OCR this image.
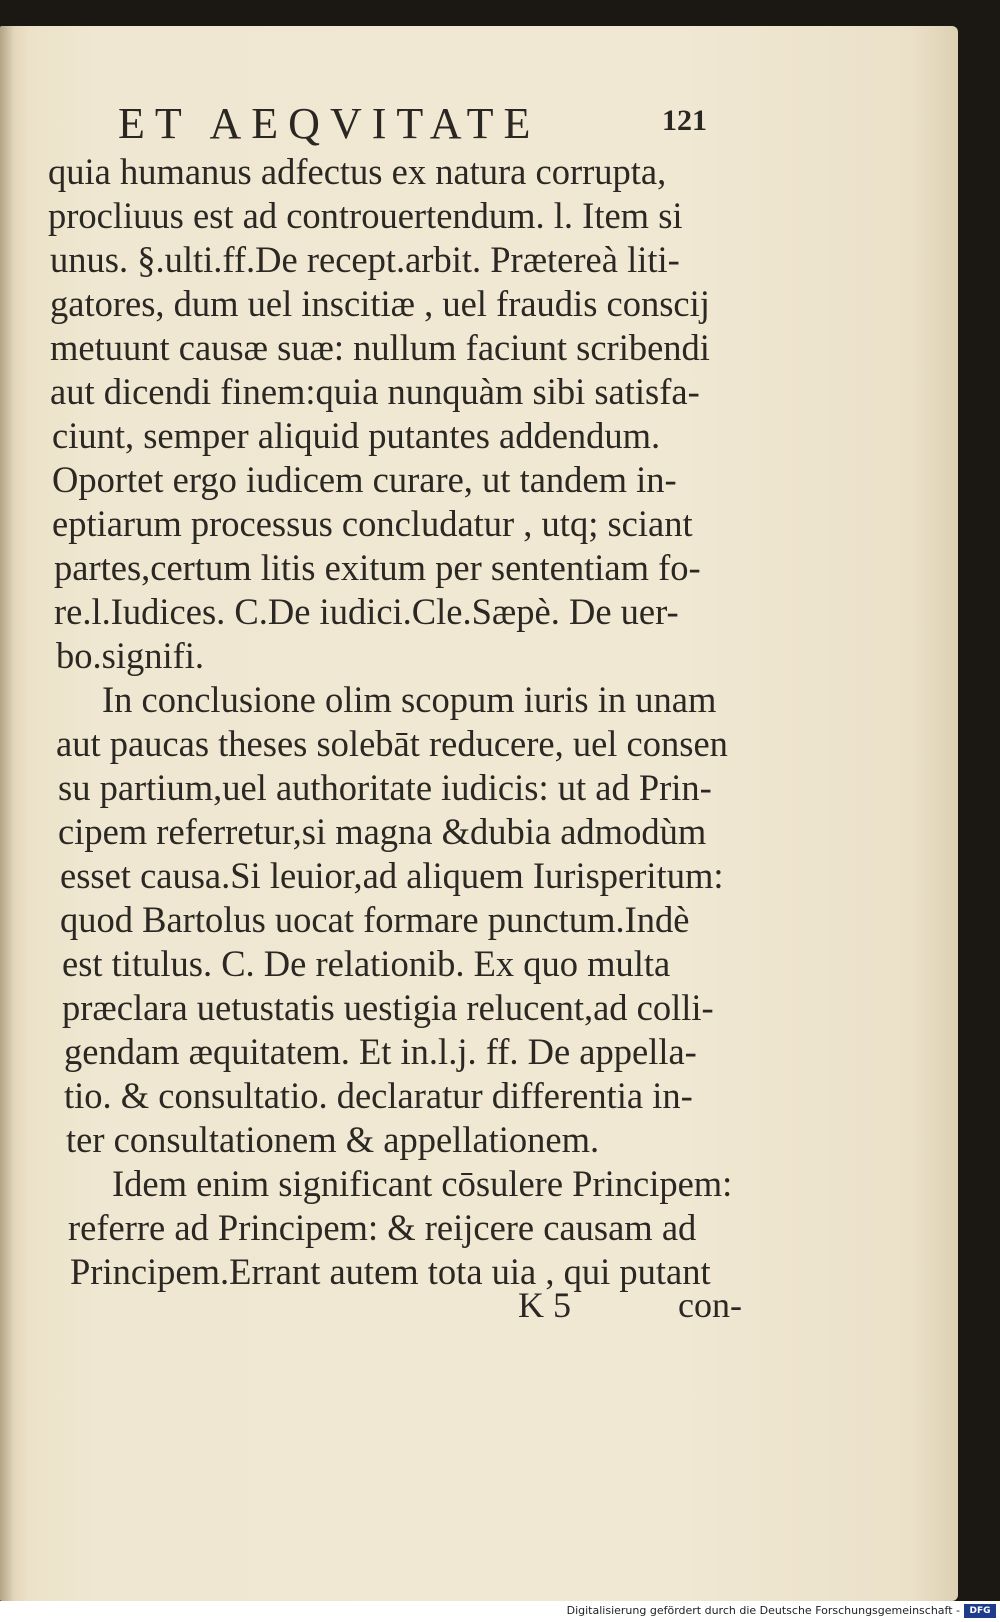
ET AEQVITATE	121
quia humanus adfectus ex natura corrupta,
procliuus est ad controuertendum. l. Item si
unus. §.ulti.ff.De recept.arbit. Prætereà liti-
gatores, dum uel inscitiæ , uel fraudis conscij
metuunt causæ suæ: nullum faciunt scribendi
aut dicendi finem:quia nunquàm sibi satisfa-
ciunt, semper aliquid putantes addendum.
Oportet ergo iudicem curare, ut tandem in-
eptiarum processus concludatur , utq; sciant
partes,certum litis exitum per sententiam fo-
re.l.Iudices. C.De iudici.Cle.Sæpè. De uer-
bo.signifi.
In conclusione olim scopum iuris in unam
aut paucas theses solebāt reducere, uel consen
su partium,uel authoritate iudicis: ut ad Prin-
cipem referretur,si magna &dubia admodùm
esset causa.Si leuior,ad aliquem Iurisperitum:
quod Bartolus uocat formare punctum.Indè
est titulus. C. De relationib. Ex quo multa
præclara uetustatis uestigia relucent,ad colli-
gendam æquitatem. Et in.l.j. ff. De appella-
tio. & consultatio. declaratur differentia in-
ter consultationem & appellationem.
Idem enim significant cōsulere Principem:
referre ad Principem: & reijcere causam ad
Principem.Errant autem tota uia , qui putant
K 5	con-
Digitalisierung gefördert durch die Deutsche Forschungsgemeinschaft -	DFG
